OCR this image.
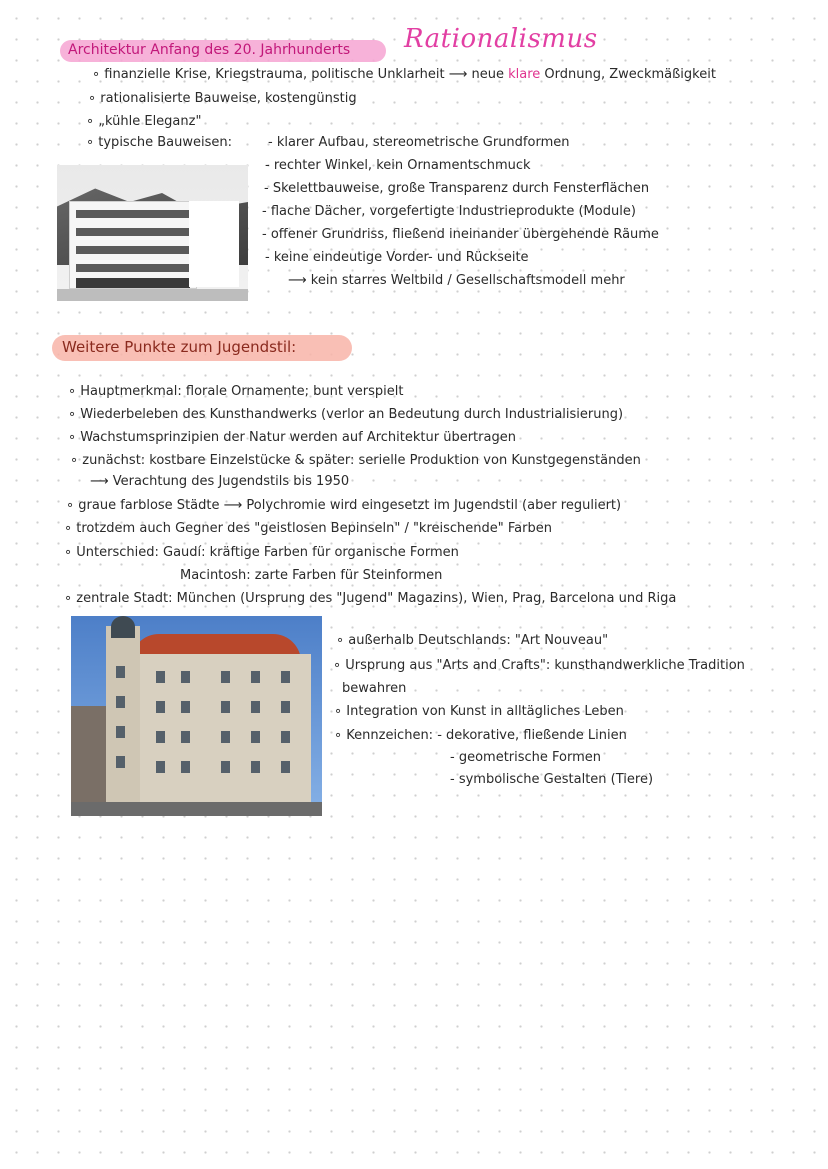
Architektur Anfang des 20. Jahrhunderts Rationalismus
∘ finanzielle Krise, Kriegstrauma, politische Unklarheit ⟶ neue klare Ordnung, Zweckmäßigkeit
∘ rationalisierte Bauweise, kostengünstig
∘ „kühle Eleganz"
∘ typische Bauweisen:	- klarer Aufbau, stereometrische Grundformen
- rechter Winkel, kein Ornamentschmuck
- Skelettbauweise, große Transparenz durch Fensterflächen
- flache Dächer, vorgefertigte Industrieprodukte (Module)
- offener Grundriss, fließend ineinander übergehende Räume
- keine eindeutige Vorder- und Rückseite
⟶ kein starres Weltbild / Gesellschaftsmodell mehr
Weitere Punkte zum Jugendstil:
∘ Hauptmerkmal: florale Ornamente; bunt verspielt
∘ Wiederbeleben des Kunsthandwerks (verlor an Bedeutung durch Industrialisierung)
∘ Wachstumsprinzipien der Natur werden auf Architektur übertragen
∘ zunächst: kostbare Einzelstücke & später: serielle Produktion von Kunstgegenständen
⟶ Verachtung des Jugendstils bis 1950
∘ graue farblose Städte ⟶ Polychromie wird eingesetzt im Jugendstil (aber reguliert)
∘ trotzdem auch Gegner des "geistlosen Bepinseln" / "kreischende" Farben
∘ Unterschied: Gaudí: kräftige Farben für organische Formen
Macintosh: zarte Farben für Steinformen
∘ zentrale Stadt: München (Ursprung des "Jugend" Magazins), Wien, Prag, Barcelona und Riga
∘ außerhalb Deutschlands: "Art Nouveau"
∘ Ursprung aus "Arts and Crafts": kunsthandwerkliche Tradition
bewahren
∘ Integration von Kunst in alltägliches Leben
∘ Kennzeichen: - dekorative, fließende Linien
- geometrische Formen
- symbolische Gestalten (Tiere)
